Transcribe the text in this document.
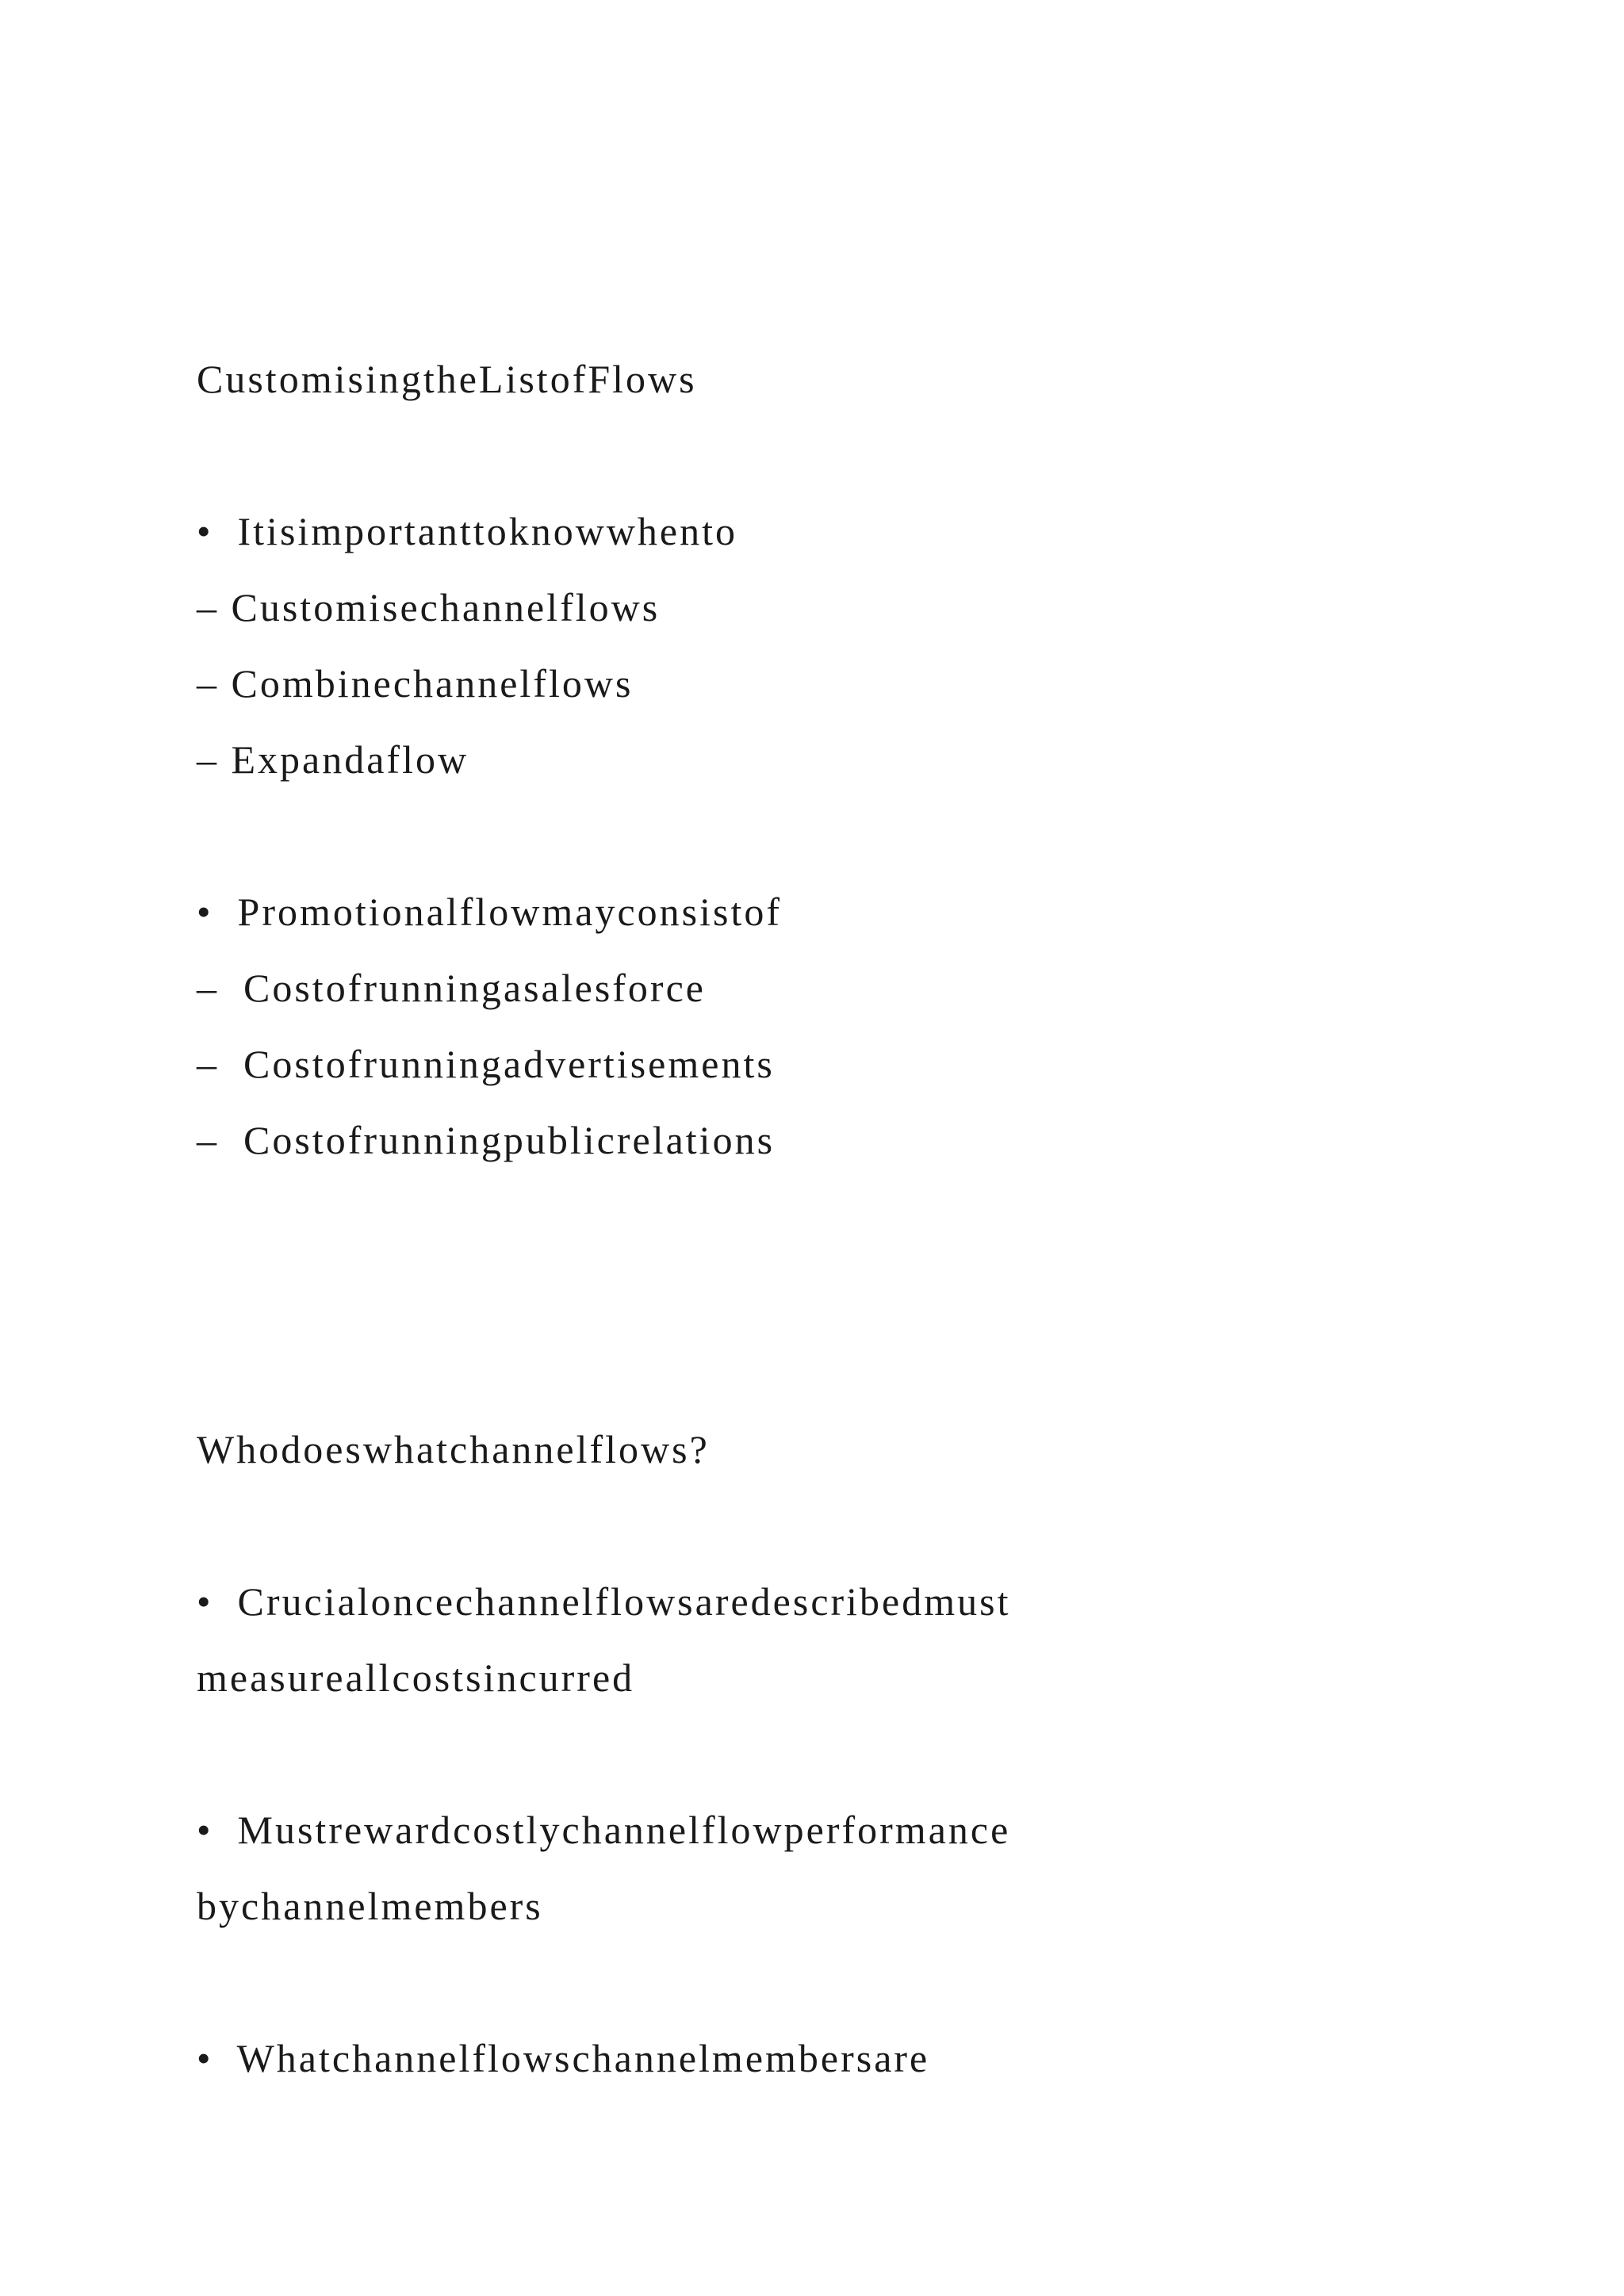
CustomisingtheListofFlows

•  Itisimportanttoknowwhento

– Customisechannelflows

– Combinechannelflows

– Expandaflow

•  Promotionalflowmayconsistof

–  Costofrunningasalesforce

–  Costofrunningadvertisements

–  Costofrunningpublicrelations

Whodoeswhatchannelflows?

•  Crucialoncechannelflowsaredescribedmust

measureallcostsincurred

•  Mustrewardcostlychannelflowperformance

bychannelmembers

•  Whatchannelflowschannelmembersare
